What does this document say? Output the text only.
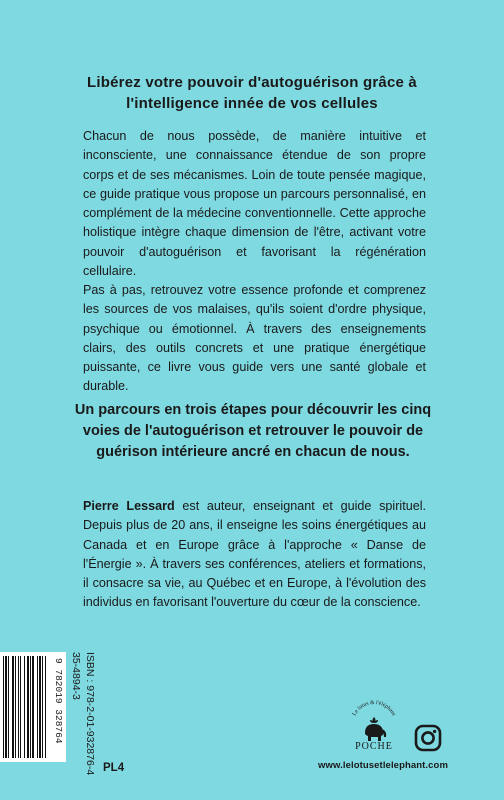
Libérez votre pouvoir d'autoguérison grâce à l'intelligence innée de vos cellules
Chacun de nous possède, de manière intuitive et inconsciente, une connaissance étendue de son propre corps et de ses mécanismes. Loin de toute pensée magique, ce guide pratique vous propose un parcours personnalisé, en complément de la médecine conventionnelle. Cette approche holistique intègre chaque dimension de l'être, activant votre pouvoir d'autoguérison et favorisant la régénération cellulaire.
Pas à pas, retrouvez votre essence profonde et comprenez les sources de vos malaises, qu'ils soient d'ordre physique, psychique ou émotionnel. À travers des enseignements clairs, des outils concrets et une pratique énergétique puissante, ce livre vous guide vers une santé globale et durable.
Un parcours en trois étapes pour découvrir les cinq voies de l'autoguérison et retrouver le pouvoir de guérison intérieure ancré en chacun de nous.
Pierre Lessard est auteur, enseignant et guide spirituel. Depuis plus de 20 ans, il enseigne les soins énergétiques au Canada et en Europe grâce à l'approche « Danse de l'Énergie ». À travers ses conférences, ateliers et formations, il consacre sa vie, au Québec et en Europe, à l'évolution des individus en favorisant l'ouverture du cœur de la conscience.
9 782019 328764 35-4894-3 ISBN : 978-2-01-932876-4 PL4
Le lotus & l'éléphant
POCHE
www.lelotusetlelephant.com
